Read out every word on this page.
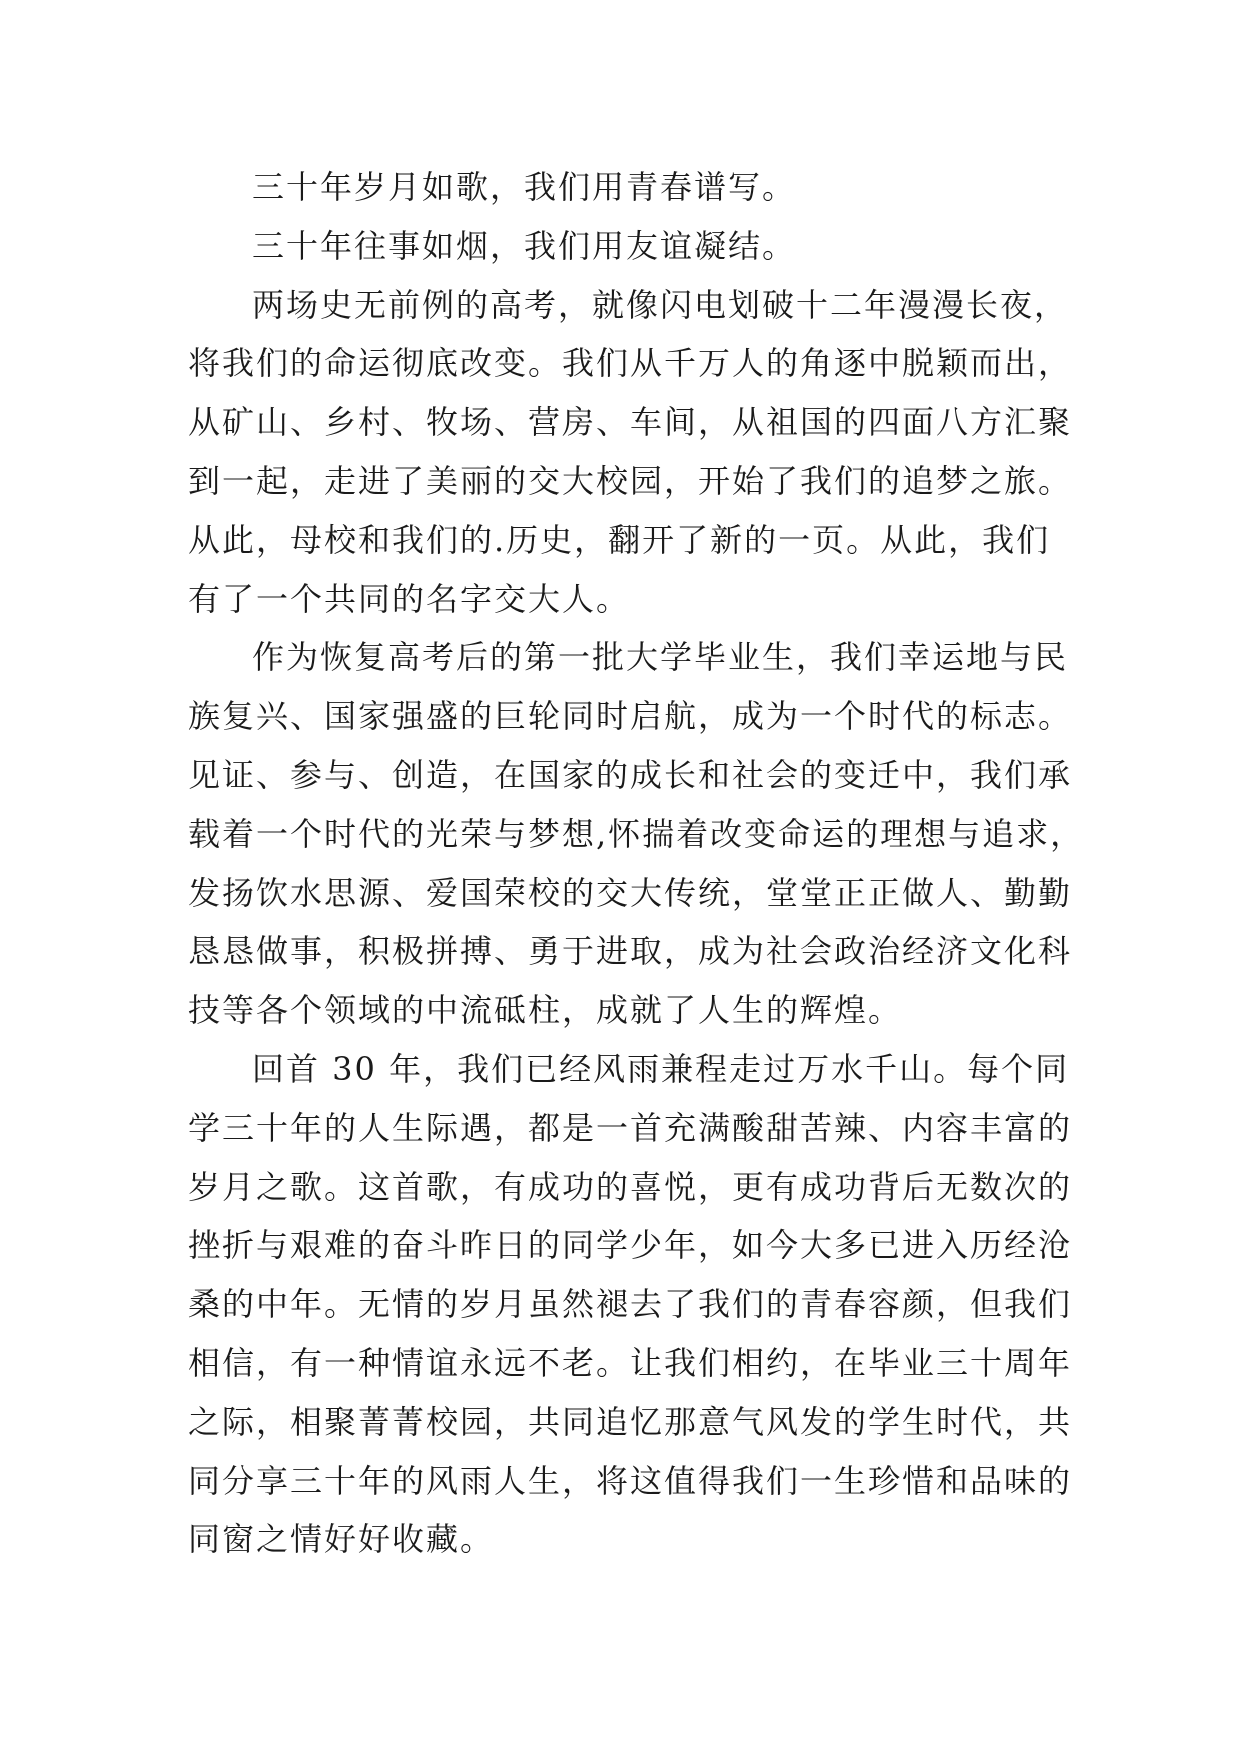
三十年岁月如歌，我们用青春谱写。

三十年往事如烟，我们用友谊凝结。

两场史无前例的高考，就像闪电划破十二年漫漫长夜，
将我们的命运彻底改变。我们从千万人的角逐中脱颖而出，
从矿山、乡村、牧场、营房、车间，从祖国的四面八方汇聚
到一起，走进了美丽的交大校园，开始了我们的追梦之旅。
从此，母校和我们的.历史，翻开了新的一页。从此，我们
有了一个共同的名字交大人。

作为恢复高考后的第一批大学毕业生，我们幸运地与民
族复兴、国家强盛的巨轮同时启航，成为一个时代的标志。
见证、参与、创造，在国家的成长和社会的变迁中，我们承
载着一个时代的光荣与梦想,怀揣着改变命运的理想与追求，
发扬饮水思源、爱国荣校的交大传统，堂堂正正做人、勤勤
恳恳做事，积极拼搏、勇于进取，成为社会政治经济文化科
技等各个领域的中流砥柱，成就了人生的辉煌。

回首 30 年，我们已经风雨兼程走过万水千山。每个同
学三十年的人生际遇，都是一首充满酸甜苦辣、内容丰富的
岁月之歌。这首歌，有成功的喜悦，更有成功背后无数次的
挫折与艰难的奋斗昨日的同学少年，如今大多已进入历经沧
桑的中年。无情的岁月虽然褪去了我们的青春容颜，但我们
相信，有一种情谊永远不老。让我们相约，在毕业三十周年
之际，相聚菁菁校园，共同追忆那意气风发的学生时代，共
同分享三十年的风雨人生，将这值得我们一生珍惜和品味的
同窗之情好好收藏。
